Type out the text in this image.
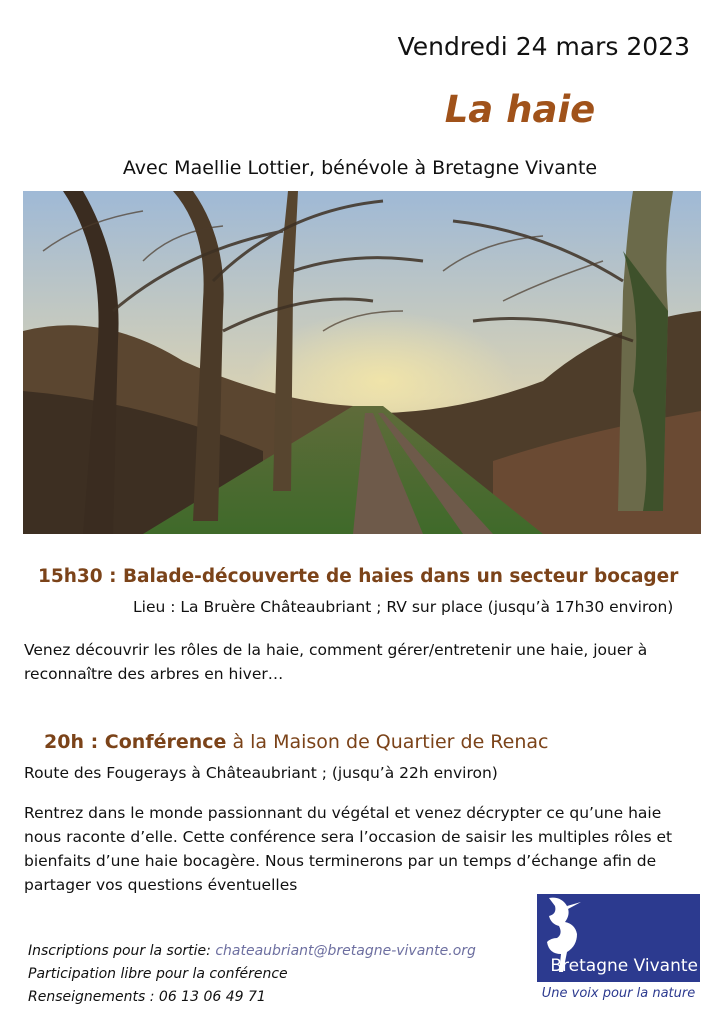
Vendredi 24 mars 2023
La haie
Avec Maellie Lottier, bénévole à Bretagne Vivante
15h30 : Balade-découverte de haies dans un secteur bocager
Lieu : La Bruère Châteaubriant ; RV sur place (jusqu’à 17h30 environ)
Venez découvrir les rôles de la haie, comment gérer/entretenir une haie, jouer à reconnaître des arbres en hiver…
20h : Conférence à la Maison de Quartier de Renac
Route des Fougerays à Châteaubriant ; (jusqu’à 22h environ)
Rentrez dans le monde passionnant du végétal et venez décrypter ce qu’une haie nous raconte d’elle. Cette conférence sera l’occasion de saisir les multiples rôles et bienfaits d’une haie bocagère. Nous terminerons par un temps d’échange afin de partager vos questions éventuelles
Inscriptions pour la sortie: chateaubriant@bretagne-vivante.org Participation libre pour la conférence
Renseignements : 06 13 06 49 71
Bretagne Vivante
Une voix pour la nature
